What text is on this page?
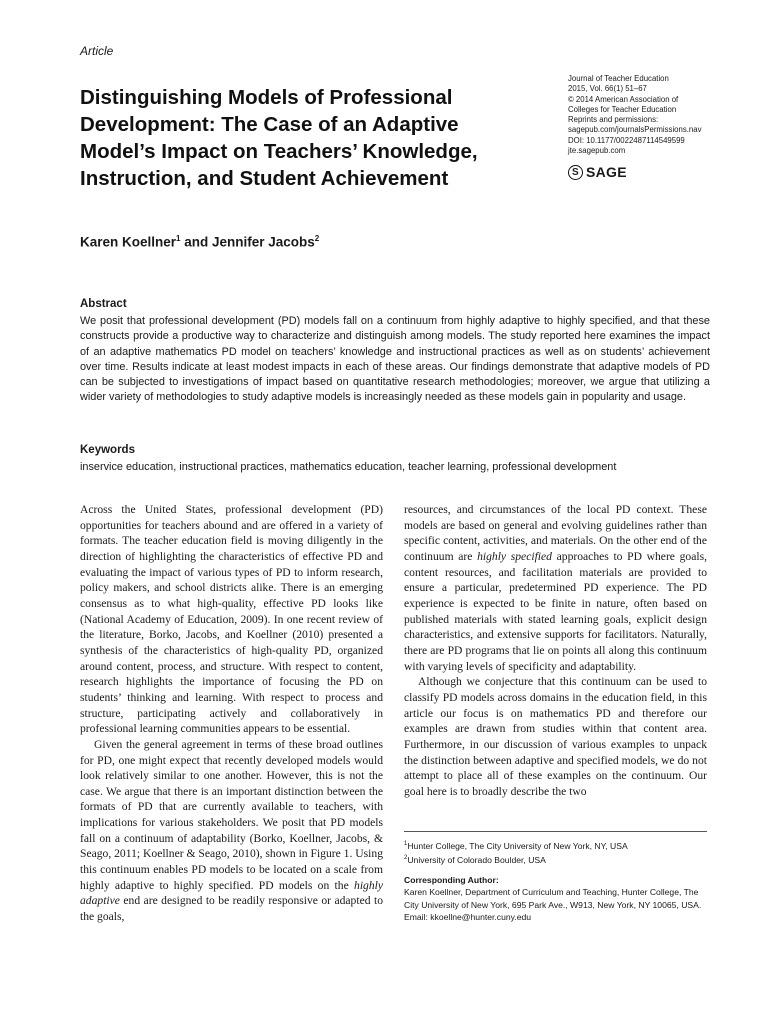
Article
Distinguishing Models of Professional Development: The Case of an Adaptive Model’s Impact on Teachers’ Knowledge, Instruction, and Student Achievement
Journal of Teacher Education
2015, Vol. 66(1) 51–67
© 2014 American Association of
Colleges for Teacher Education
Reprints and permissions:
sagepub.com/journalsPermissions.nav
DOI: 10.1177/0022487114549599
jte.sagepub.com
S SAGE
Karen Koellner$^1$ and Jennifer Jacobs$^2$
Abstract

We posit that professional development (PD) models fall on a continuum from highly adaptive to highly specified, and that these constructs provide a productive way to characterize and distinguish among models. The study reported here examines the impact of an adaptive mathematics PD model on teachers’ knowledge and instructional practices as well as on students’ achievement over time. Results indicate at least modest impacts in each of these areas. Our findings demonstrate that adaptive models of PD can be subjected to investigations of impact based on quantitative research methodologies; moreover, we argue that utilizing a wider variety of methodologies to study adaptive models is increasingly needed as these models gain in popularity and usage.

Keywords

inservice education, instructional practices, mathematics education, teacher learning, professional development

Across the United States, professional development (PD) opportunities for teachers abound and are offered in a variety of formats. The teacher education field is moving diligently in the direction of highlighting the characteristics of effective PD and evaluating the impact of various types of PD to inform research, policy makers, and school districts alike. There is an emerging consensus as to what high-quality, effective PD looks like (National Academy of Education, 2009). In one recent review of the literature, Borko, Jacobs, and Koellner (2010) presented a synthesis of the characteristics of high-quality PD, organized around content, process, and structure. With respect to content, research highlights the importance of focusing the PD on students’ thinking and learning. With respect to process and structure, participating actively and collaboratively in professional learning communities appears to be essential.

Given the general agreement in terms of these broad outlines for PD, one might expect that recently developed models would look relatively similar to one another. However, this is not the case. We argue that there is an important distinction between the formats of PD that are currently available to teachers, with implications for various stakeholders. We posit that PD models fall on a continuum of adaptability (Borko, Koellner, Jacobs, & Seago, 2011; Koellner & Seago, 2010), shown in Figure 1. Using this continuum enables PD models to be located on a scale from highly adaptive to highly specified. PD models on the highly adaptive end are designed to be readily responsive or adapted to the goals,

resources, and circumstances of the local PD context. These models are based on general and evolving guidelines rather than specific content, activities, and materials. On the other end of the continuum are highly specified approaches to PD where goals, content resources, and facilitation materials are provided to ensure a particular, predetermined PD experience. The PD experience is expected to be finite in nature, often based on published materials with stated learning goals, explicit design characteristics, and extensive supports for facilitators. Naturally, there are PD programs that lie on points all along this continuum with varying levels of specificity and adaptability.

Although we conjecture that this continuum can be used to classify PD models across domains in the education field, in this article our focus is on mathematics PD and therefore our examples are drawn from studies within that content area. Furthermore, in our discussion of various examples to unpack the distinction between adaptive and specified models, we do not attempt to place all of these examples on the continuum. Our goal here is to broadly describe the two

$^1$Hunter College, The City University of New York, NY, USA
$^2$University of Colorado Boulder, USA
Corresponding Author:
Karen Koellner, Department of Curriculum and Teaching, Hunter College, The City University of New York, 695 Park Ave., W913, New York, NY 10065, USA.
Email: kkoellne@hunter.cuny.edu
